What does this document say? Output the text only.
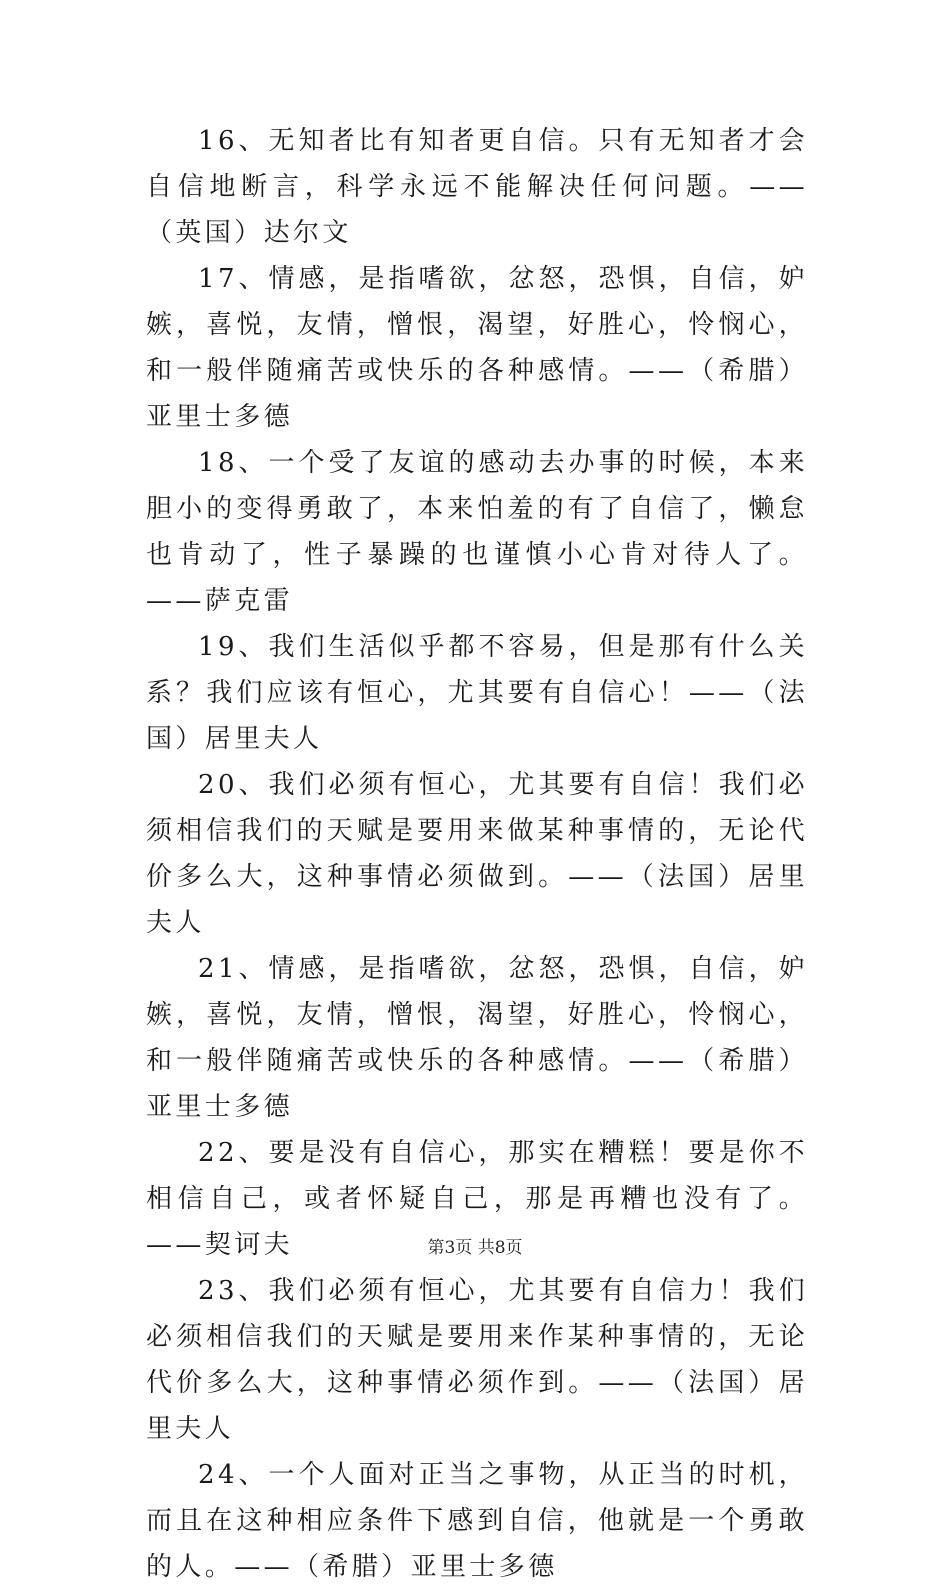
16、无知者比有知者更自信。只有无知者才会自信地断言，科学永远不能解决任何问题。——（英国）达尔文

17、情感，是指嗜欲，忿怒，恐惧，自信，妒嫉，喜悦，友情，憎恨，渴望，好胜心，怜悯心，和一般伴随痛苦或快乐的各种感情。——（希腊）亚里士多德

18、一个受了友谊的感动去办事的时候，本来胆小的变得勇敢了，本来怕羞的有了自信了，懒怠也肯动了，性子暴躁的也谨慎小心肯对待人了。——萨克雷

19、我们生活似乎都不容易，但是那有什么关系？我们应该有恒心，尤其要有自信心！——（法国）居里夫人

20、我们必须有恒心，尤其要有自信！我们必须相信我们的天赋是要用来做某种事情的，无论代价多么大，这种事情必须做到。——（法国）居里夫人

21、情感，是指嗜欲，忿怒，恐惧，自信，妒嫉，喜悦，友情，憎恨，渴望，好胜心，怜悯心，和一般伴随痛苦或快乐的各种感情。——（希腊）亚里士多德

22、要是没有自信心，那实在糟糕！要是你不相信自己，或者怀疑自己，那是再糟也没有了。——契诃夫

23、我们必须有恒心，尤其要有自信力！我们必须相信我们的天赋是要用来作某种事情的，无论代价多么大，这种事情必须作到。——（法国）居里夫人

24、一个人面对正当之事物，从正当的时机，而且在这种相应条件下感到自信，他就是一个勇敢的人。——（希腊）亚里士多德

第3页 共8页
